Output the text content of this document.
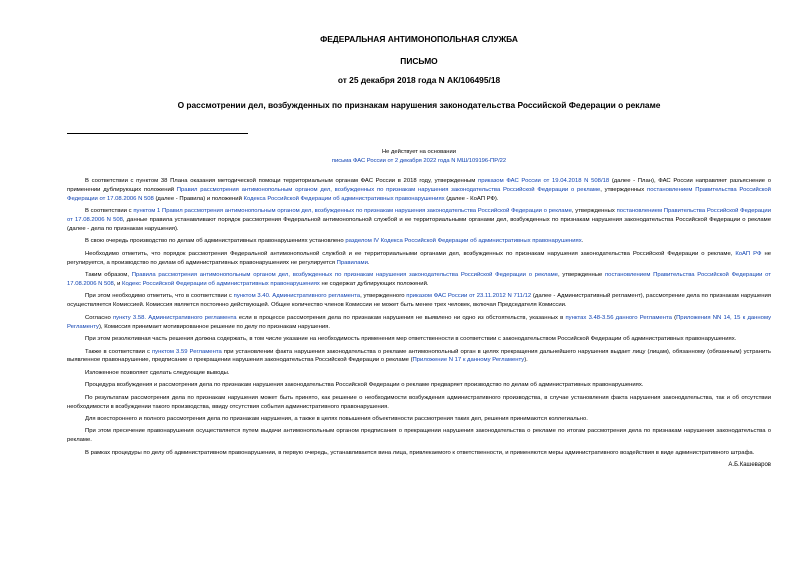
ФЕДЕРАЛЬНАЯ АНТИМОНОПОЛЬНАЯ СЛУЖБА
ПИСЬМО
от 25 декабря 2018 года N АК/106495/18
О рассмотрении дел, возбужденных по признакам нарушения законодательства Российской Федерации о рекламе
Не действует на основании
письма ФАС России от 2 декабря 2022 года N МШ/109196-ПР/22

В соответствии с пунктом 38 Плана оказания методической помощи территориальным органам ФАС России в 2018 году, утвержденным приказом ФАС России от 19.04.2018 N 508/18 (далее - План), ФАС России направляет разъяснение о применении дублирующих положений Правил рассмотрения антимонопольным органом дел, возбужденных по признакам нарушения законодательства Российской Федерации о рекламе, утвержденных постановлением Правительства Российской Федерации от 17.08.2006 N 508 (далее - Правила) и положений Кодекса Российской Федерации об административных правонарушениях (далее - КоАП РФ).

В соответствии с пунктом 1 Правил рассмотрения антимонопольным органом дел, возбужденных по признакам нарушения законодательства Российской Федерации о рекламе, утвержденных постановлением Правительства Российской Федерации от 17.08.2006 N 508, данные правила устанавливают порядок рассмотрения Федеральной антимонопольной службой и ее территориальными органами дел, возбужденных по признакам нарушения законодательства Российской Федерации о рекламе (далее - дела по признакам нарушения).

В свою очередь производство по делам об административных правонарушениях установлено разделом IV Кодекса Российской Федерации об административных правонарушениях.

Необходимо отметить, что порядок рассмотрения Федеральной антимонопольной службой и ее территориальными органами дел, возбужденных по признакам нарушения законодательства Российской Федерации о рекламе, КоАП РФ не регулируется, а производство по делам об административных правонарушениях не регулируется Правилами.

Таким образом, Правила рассмотрения антимонопольным органом дел, возбужденных по признакам нарушения законодательства Российской Федерации о рекламе, утвержденные постановлением Правительства Российской Федерации от 17.08.2006 N 508, и Кодекс Российской Федерации об административных правонарушениях не содержат дублирующих положений.

При этом необходимо отметить, что в соответствии с пунктом 3.40. Административного регламента, утвержденного приказом ФАС России от 23.11.2012 N 711/12 (далее - Административный регламент), рассмотрение дела по признакам нарушения осуществляется Комиссией. Комиссия является постоянно действующей. Общее количество членов Комиссии не может быть менее трех человек, включая Председателя Комиссии.

Согласно пункту 3.58. Административного регламента если в процессе рассмотрения дела по признакам нарушения не выявлено ни одно из обстоятельств, указанных в пунктах 3.48-3.56 данного Регламента (Приложения NN 14, 15 к данному Регламенту), Комиссия принимает мотивированное решение по делу по признакам нарушения.

При этом резолютивная часть решения должна содержать, в том числе указание на необходимость применения мер ответственности в соответствии с законодательством Российской Федерации об административных правонарушениях.

Также в соответствии с пунктом 3.59 Регламента при установлении факта нарушения законодательства о рекламе антимонопольный орган в целях прекращения дальнейшего нарушения выдает лицу (лицам), обязанному (обязанным) устранить выявленное правонарушение, предписание о прекращении нарушения законодательства Российской Федерации о рекламе (Приложение N 17 к данному Регламенту).

Изложенное позволяет сделать следующие выводы.

Процедура возбуждения и рассмотрения дела по признакам нарушения законодательства Российской Федерации о рекламе предваряет производство по делам об административных правонарушениях.

По результатам рассмотрения дела по признакам нарушения может быть принято, как решение о необходимости возбуждения административного производства, в случае установления факта нарушения законодательства, так и об отсутствии необходимости в возбуждении такого производства, ввиду отсутствия события административного правонарушения.

Для всестороннего и полного рассмотрения дела по признакам нарушения, а также в целях повышения объективности рассмотрения таких дел, решения принимаются коллегиально.

При этом пресечение правонарушения осуществляется путем выдачи антимонопольным органом предписания о прекращении нарушения законодательства о рекламе по итогам рассмотрения дела по признакам нарушения законодательства о рекламе.

В рамках процедуры по делу об административном правонарушении, в первую очередь, устанавливается вина лица, привлекаемого к ответственности, и применяются меры административного воздействия в виде административного штрафа.

А.Б.Кашеваров
